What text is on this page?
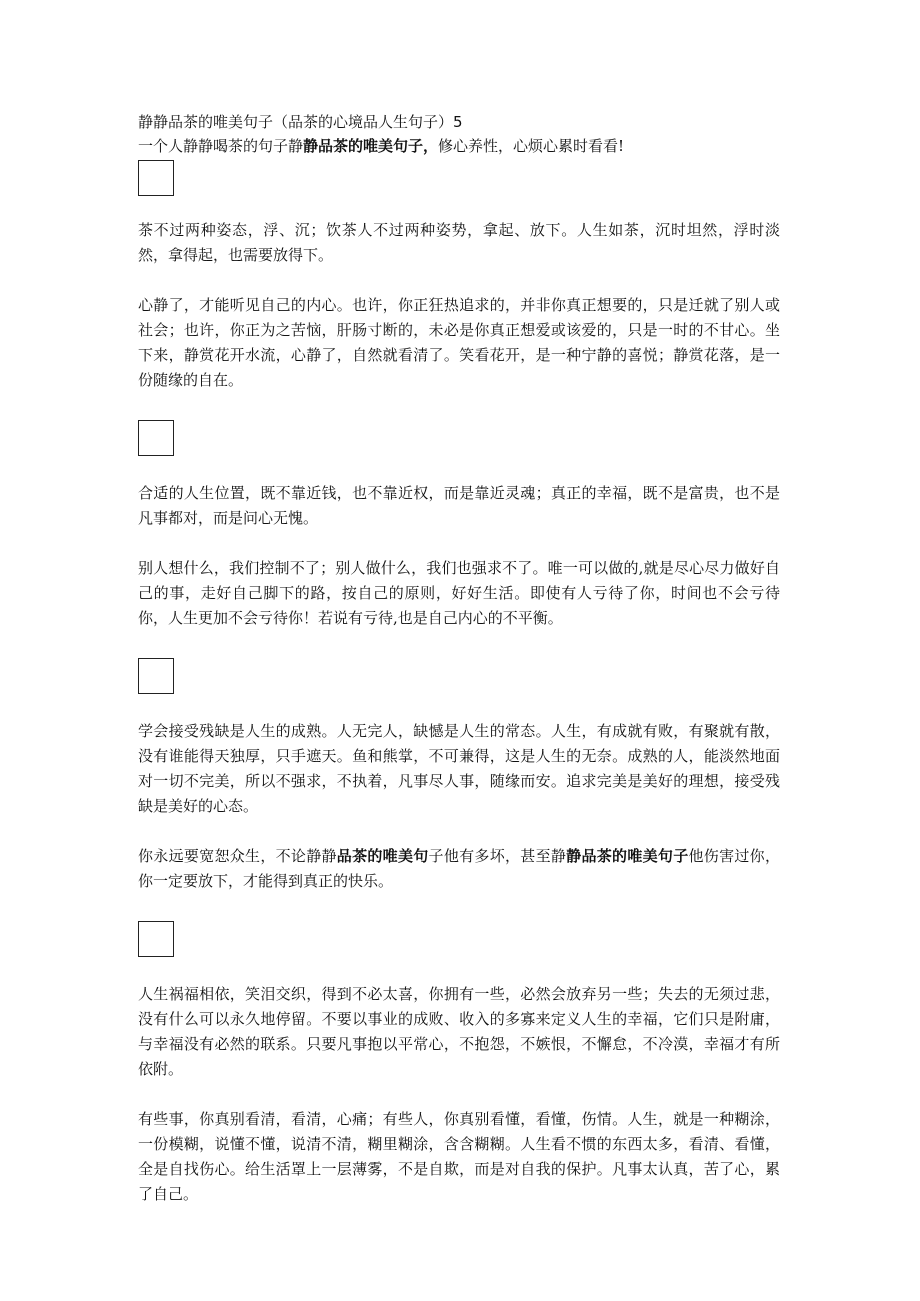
静静品茶的唯美句子（品茶的心境品人生句子）5
一个人静静喝茶的句子静静品茶的唯美句子，修心养性，心烦心累时看看!

茶不过两种姿态，浮、沉；饮茶人不过两种姿势，拿起、放下。人生如茶，沉时坦然，浮时淡然，拿得起，也需要放得下。

心静了，才能听见自己的内心。也许，你正狂热追求的，并非你真正想要的，只是迁就了别人或社会；也许，你正为之苦恼，肝肠寸断的，未必是你真正想爱或该爱的，只是一时的不甘心。坐下来，静赏花开水流，心静了，自然就看清了。笑看花开，是一种宁静的喜悦；静赏花落，是一份随缘的自在。

合适的人生位置，既不靠近钱，也不靠近权，而是靠近灵魂；真正的幸福，既不是富贵，也不是凡事都对，而是问心无愧。

别人想什么，我们控制不了；别人做什么，我们也强求不了。唯一可以做的,就是尽心尽力做好自己的事，走好自己脚下的路，按自己的原则，好好生活。即使有人亏待了你，时间也不会亏待你，人生更加不会亏待你！若说有亏待,也是自己内心的不平衡。

学会接受残缺是人生的成熟。人无完人，缺憾是人生的常态。人生，有成就有败，有聚就有散，没有谁能得天独厚，只手遮天。鱼和熊掌，不可兼得，这是人生的无奈。成熟的人，能淡然地面对一切不完美，所以不强求，不执着，凡事尽人事，随缘而安。追求完美是美好的理想，接受残缺是美好的心态。

你永远要宽恕众生，不论静静品茶的唯美句子他有多坏，甚至静静品茶的唯美句子他伤害过你，你一定要放下，才能得到真正的快乐。

人生祸福相依，笑泪交织，得到不必太喜，你拥有一些，必然会放弃另一些；失去的无须过悲，没有什么可以永久地停留。不要以事业的成败、收入的多寡来定义人生的幸福，它们只是附庸，与幸福没有必然的联系。只要凡事抱以平常心，不抱怨，不嫉恨，不懈怠，不冷漠，幸福才有所依附。

有些事，你真别看清，看清，心痛；有些人，你真别看懂，看懂，伤情。人生，就是一种糊涂，一份模糊，说懂不懂，说清不清，糊里糊涂，含含糊糊。人生看不惯的东西太多，看清、看懂，全是自找伤心。给生活罩上一层薄雾，不是自欺，而是对自我的保护。凡事太认真，苦了心，累了自己。
